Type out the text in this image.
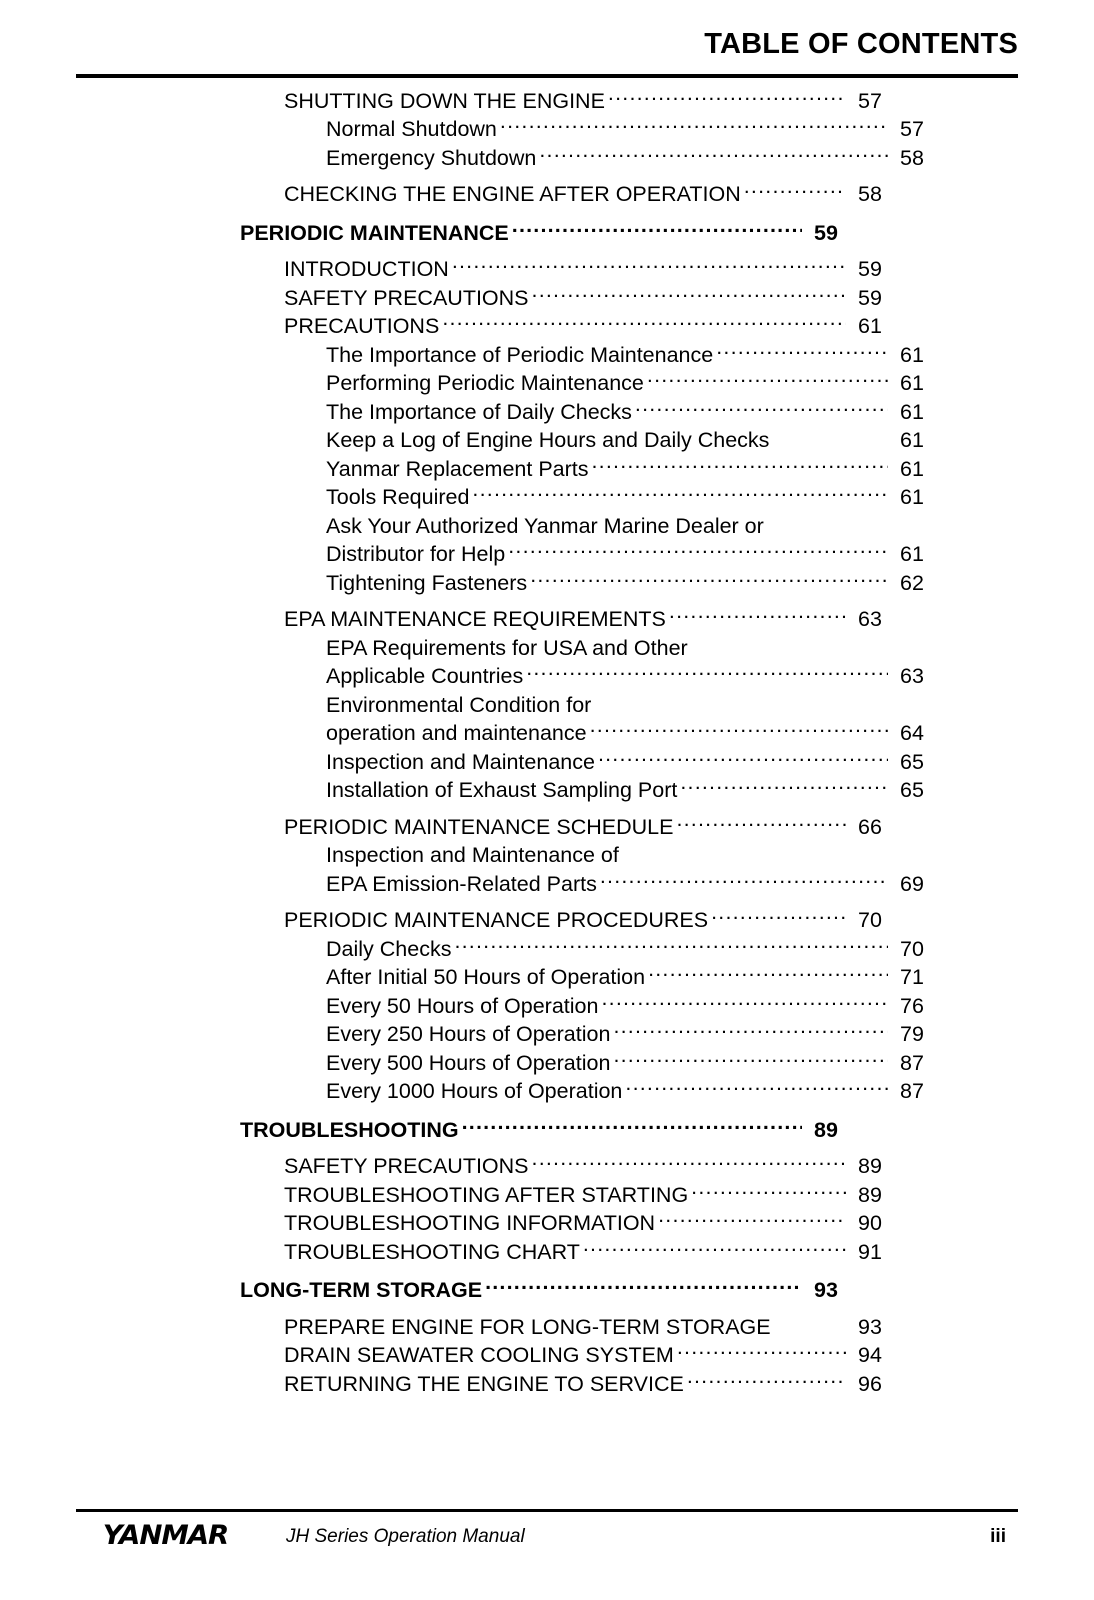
TABLE OF CONTENTS
SHUTTING DOWN THE ENGINE .....	57
Normal Shutdown .....	57
Emergency Shutdown .....	58
CHECKING THE ENGINE AFTER OPERATION .....	58
PERIODIC MAINTENANCE .....	59
INTRODUCTION .....	59
SAFETY PRECAUTIONS .....	59
PRECAUTIONS .....	61
The Importance of Periodic Maintenance .....	61
Performing Periodic Maintenance .....	61
The Importance of Daily Checks .....	61
Keep a Log of Engine Hours and Daily Checks	61
Yanmar Replacement Parts .....	61
Tools Required .....	61
Ask Your Authorized Yanmar Marine Dealer or
Distributor for Help .....	61
Tightening Fasteners .....	62
EPA MAINTENANCE REQUIREMENTS .....	63
EPA Requirements for USA and Other
Applicable Countries .....	63
Environmental Condition for
operation and maintenance .....	64
Inspection and Maintenance .....	65
Installation of Exhaust Sampling Port .....	65
PERIODIC MAINTENANCE SCHEDULE .....	66
Inspection and Maintenance of
EPA Emission-Related Parts .....	69
PERIODIC MAINTENANCE PROCEDURES .....	70
Daily Checks .....	70
After Initial 50 Hours of Operation .....	71
Every 50 Hours of Operation .....	76
Every 250 Hours of Operation .....	79
Every 500 Hours of Operation .....	87
Every 1000 Hours of Operation .....	87
TROUBLESHOOTING .....	89
SAFETY PRECAUTIONS .....	89
TROUBLESHOOTING AFTER STARTING .....	89
TROUBLESHOOTING INFORMATION .....	90
TROUBLESHOOTING CHART .....	91
LONG-TERM STORAGE .....	93
PREPARE ENGINE FOR LONG-TERM STORAGE	93
DRAIN SEAWATER COOLING SYSTEM .....	94
RETURNING THE ENGINE TO SERVICE .....	96
YANMAR	JH Series Operation Manual	iii
